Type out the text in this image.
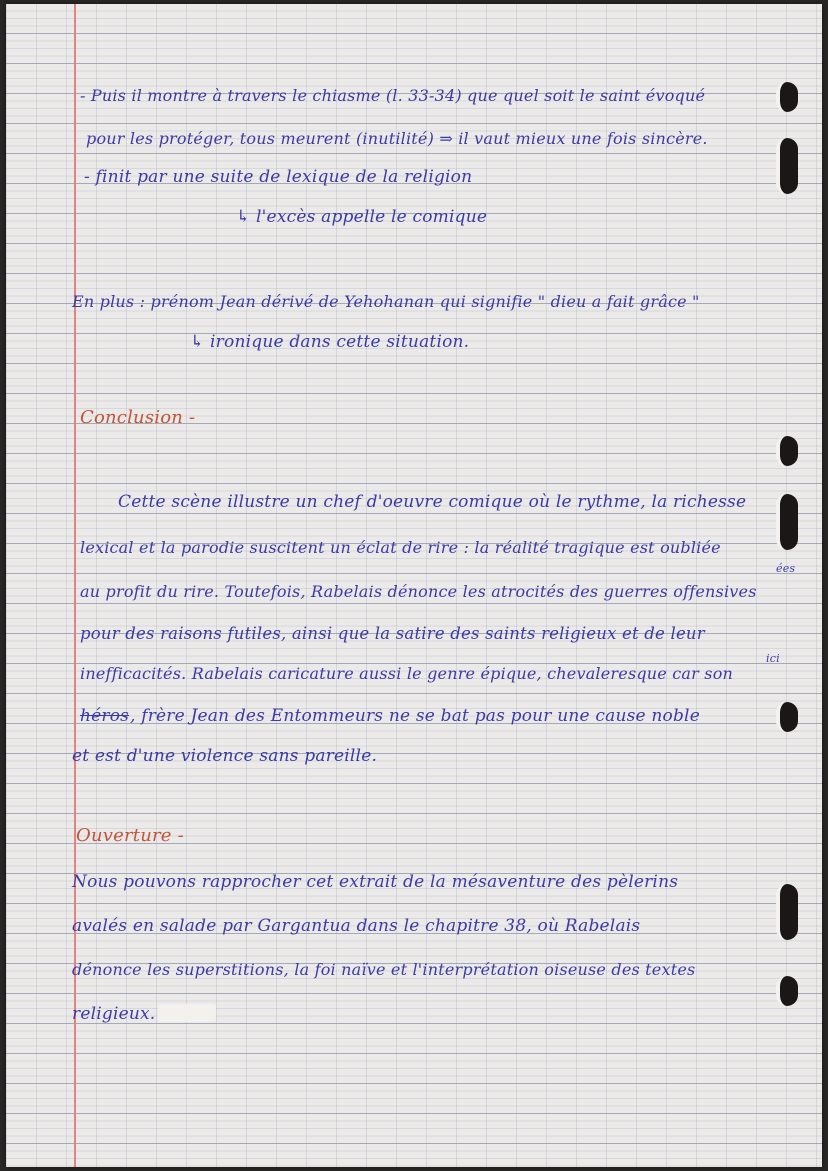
- Puis il montre à travers le chiasme (l. 33-34) que quel soit le saint évoqué
pour les protéger, tous meurent (inutilité) ⇒ il vaut mieux une fois sincère.
- finit par une suite de lexique de la religion
↳ l'excès appelle le comique
En plus : prénom Jean dérivé de Yehohanan qui signifie " dieu a fait grâce "
↳ ironique dans cette situation.
Conclusion -
Cette scène illustre un chef d'oeuvre comique où le rythme, la richesse
lexical et la parodie suscitent un éclat de rire : la réalité tragique est oubliée
ées
au profit du rire. Toutefois, Rabelais dénonce les atrocités des guerres offensives
pour des raisons futiles, ainsi que la satire des saints religieux et de leur
ici
inefficacités. Rabelais caricature aussi le genre épique, chevaleresque car son
héros , frère Jean des Entommeurs ne se bat pas pour une cause noble
et est d'une violence sans pareille.
Ouverture -
Nous pouvons rapprocher cet extrait de la mésaventure des pèlerins
avalés en salade par Gargantua dans le chapitre 38, où Rabelais
dénonce les superstitions, la foi naïve et l'interprétation oiseuse des textes
religieux.
